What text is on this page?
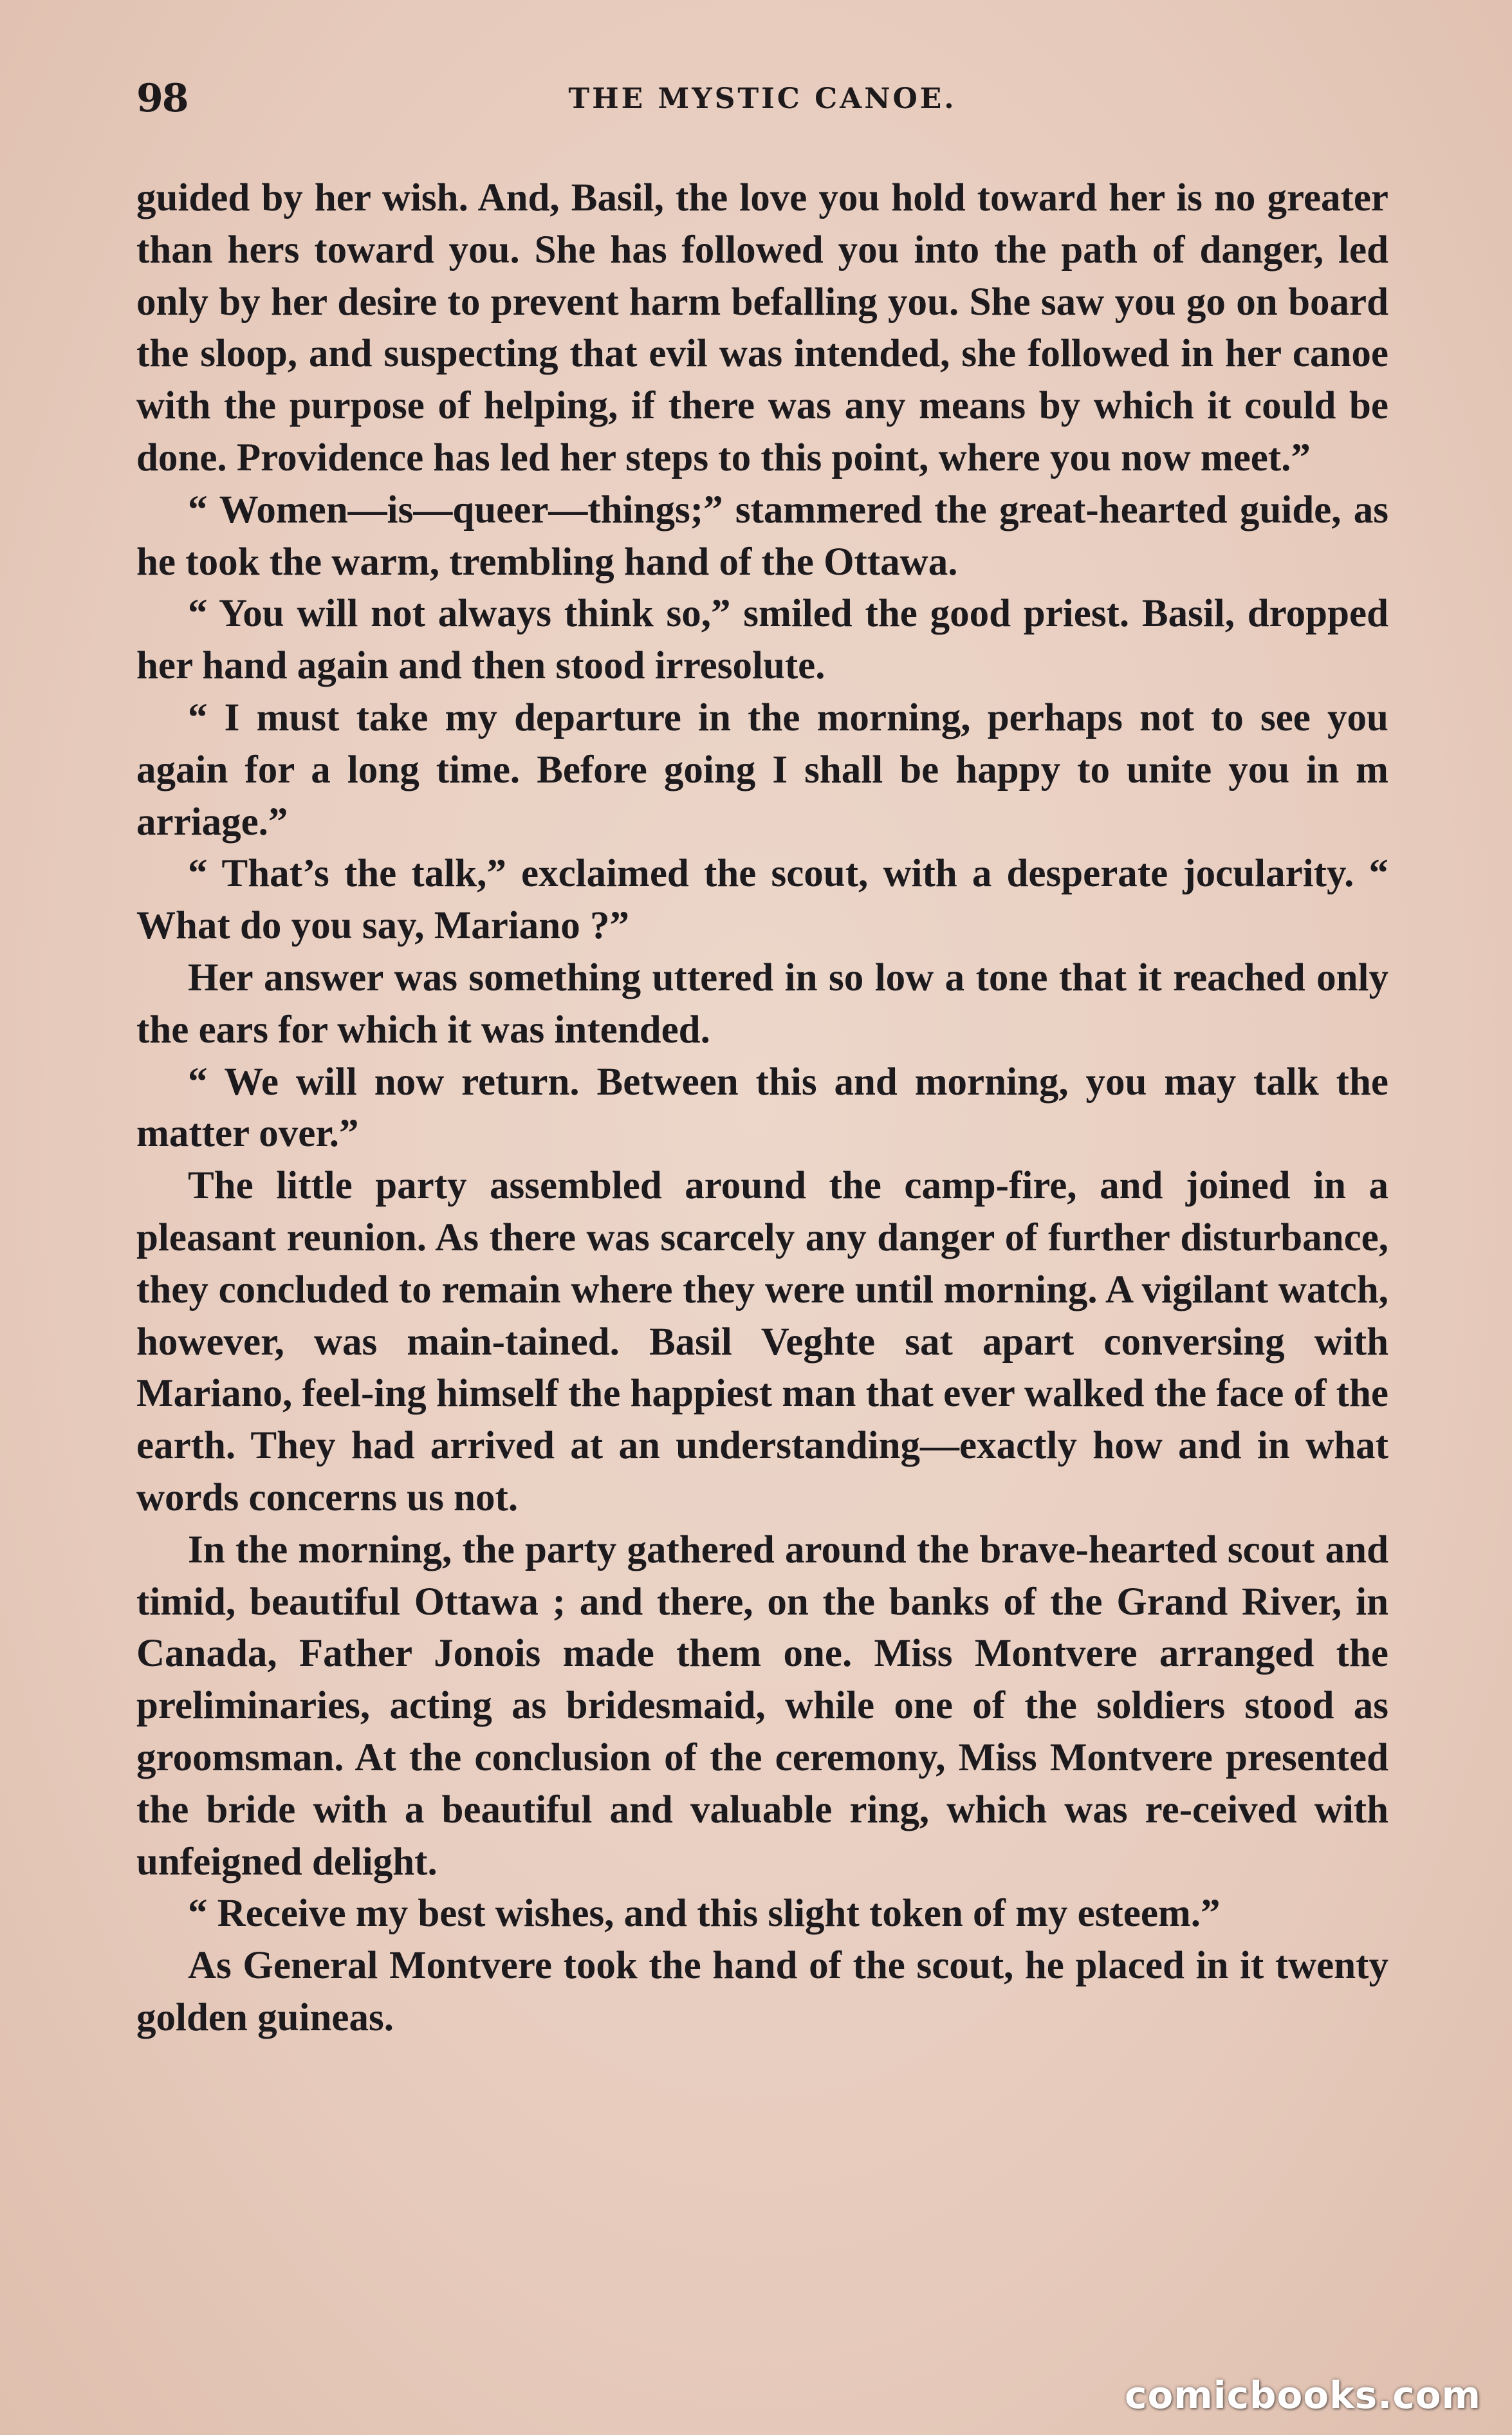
98	THE MYSTIC CANOE.

guided by her wish. And, Basil, the love you hold toward her is no greater than hers toward you. She has followed you into the path of danger, led only by her desire to prevent harm befalling you. She saw you go on board the sloop, and suspecting that evil was intended, she followed in her canoe with the purpose of helping, if there was any means by which it could be done. Providence has led her steps to this point, where you now meet.”

“ Women—is—queer—things;” stammered the great-hearted guide, as he took the warm, trembling hand of the Ottawa.

“ You will not always think so,” smiled the good priest. Basil, dropped her hand again and then stood irresolute.

“ I must take my departure in the morning, perhaps not to see you again for a long time. Before going I shall be happy to unite you in m arriage.”

“ That’s the talk,” exclaimed the scout, with a desperate jocularity. “ What do you say, Mariano ?”

Her answer was something uttered in so low a tone that it reached only the ears for which it was intended.

“ We will now return. Between this and morning, you may talk the matter over.”

The little party assembled around the camp-fire, and joined in a pleasant reunion. As there was scarcely any danger of further disturbance, they concluded to remain where they were until morning. A vigilant watch, however, was main-tained. Basil Veghte sat apart conversing with Mariano, feel-ing himself the happiest man that ever walked the face of the earth. They had arrived at an understanding—exactly how and in what words concerns us not.

In the morning, the party gathered around the brave-hearted scout and timid, beautiful Ottawa ; and there, on the banks of the Grand River, in Canada, Father Jonois made them one. Miss Montvere arranged the preliminaries, acting as bridesmaid, while one of the soldiers stood as groomsman. At the conclusion of the ceremony, Miss Montvere presented the bride with a beautiful and valuable ring, which was re-ceived with unfeigned delight.

“ Receive my best wishes, and this slight token of my esteem.”

As General Montvere took the hand of the scout, he placed in it twenty golden guineas.

comicbooks.com
